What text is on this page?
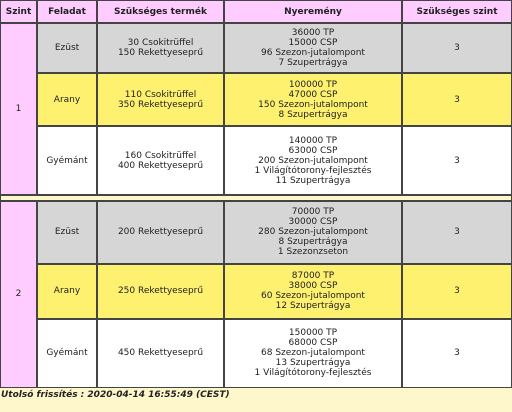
Szint	Feladat	Szükséges termék	Nyeremény	Szükséges szint
1	Ezüst	30 Csokitrüffel
150 Rekettyeseprű	36000 TP
15000 CSP
96 Szezon-jutalompont
7 Szupertrágya	3
	Arany	110 Csokitrüffel
350 Rekettyeseprű	100000 TP
47000 CSP
150 Szezon-jutalompont
8 Szupertrágya	3
	Gyémánt	160 Csokitrüffel
400 Rekettyeseprű	140000 TP
63000 CSP
200 Szezon-jutalompont
1 Világítótorony-fejlesztés
11 Szupertrágya	3

2	Ezüst	200 Rekettyeseprű	70000 TP
30000 CSP
280 Szezon-jutalompont
8 Szupertrágya
1 Szezonzseton	3
	Arany	250 Rekettyeseprű	87000 TP
38000 CSP
60 Szezon-jutalompont
12 Szupertrágya	3
	Gyémánt	450 Rekettyeseprű	150000 TP
68000 CSP
68 Szezon-jutalompont
13 Szupertrágya
1 Világítótorony-fejlesztés	3
Utolsó frissítés : 2020-04-14 16:55:49 (CEST)
